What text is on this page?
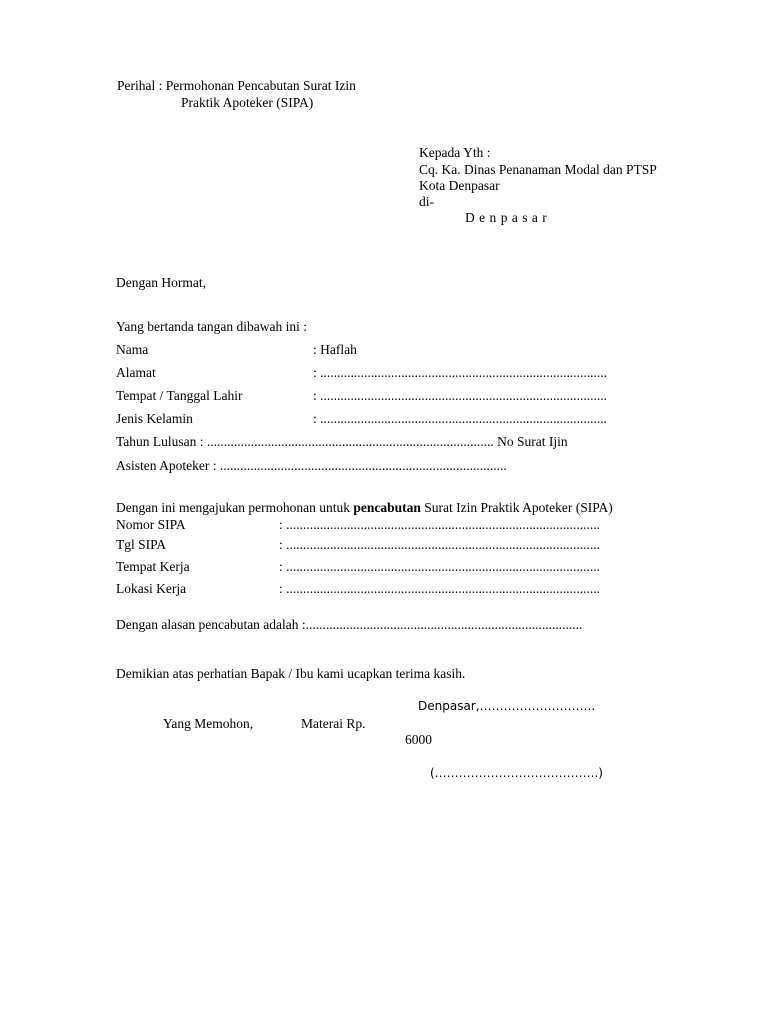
Perihal : Permohonan Pencabutan Surat Izin
Praktik Apoteker (SIPA)
Kepada Yth :
Cq. Ka. Dinas Penanaman Modal dan PTSP
Kota Denpasar
di-
Denpasar
Dengan Hormat,
Yang bertanda tangan dibawah ini :
Nama	: Haflah
Alamat	: .....................................................................................
Tempat / Tanggal Lahir	: .....................................................................................
Jenis Kelamin	: .....................................................................................
Tahun Lulusan : ..................................................................................... No Surat Ijin
Asisten Apoteker : .....................................................................................
Dengan ini mengajukan permohonan untuk pencabutan Surat Izin Praktik Apoteker (SIPA)
Nomor SIPA	: .............................................................................................
Tgl SIPA	: .............................................................................................
Tempat Kerja	: .............................................................................................
Lokasi Kerja	: .............................................................................................
Dengan alasan pencabutan adalah :..................................................................................
Demikian atas perhatian Bapak / Ibu kami ucapkan terima kasih.
Denpasar,………………………..
Yang Memohon,	Materai Rp.
6000
(…………………………………..)
